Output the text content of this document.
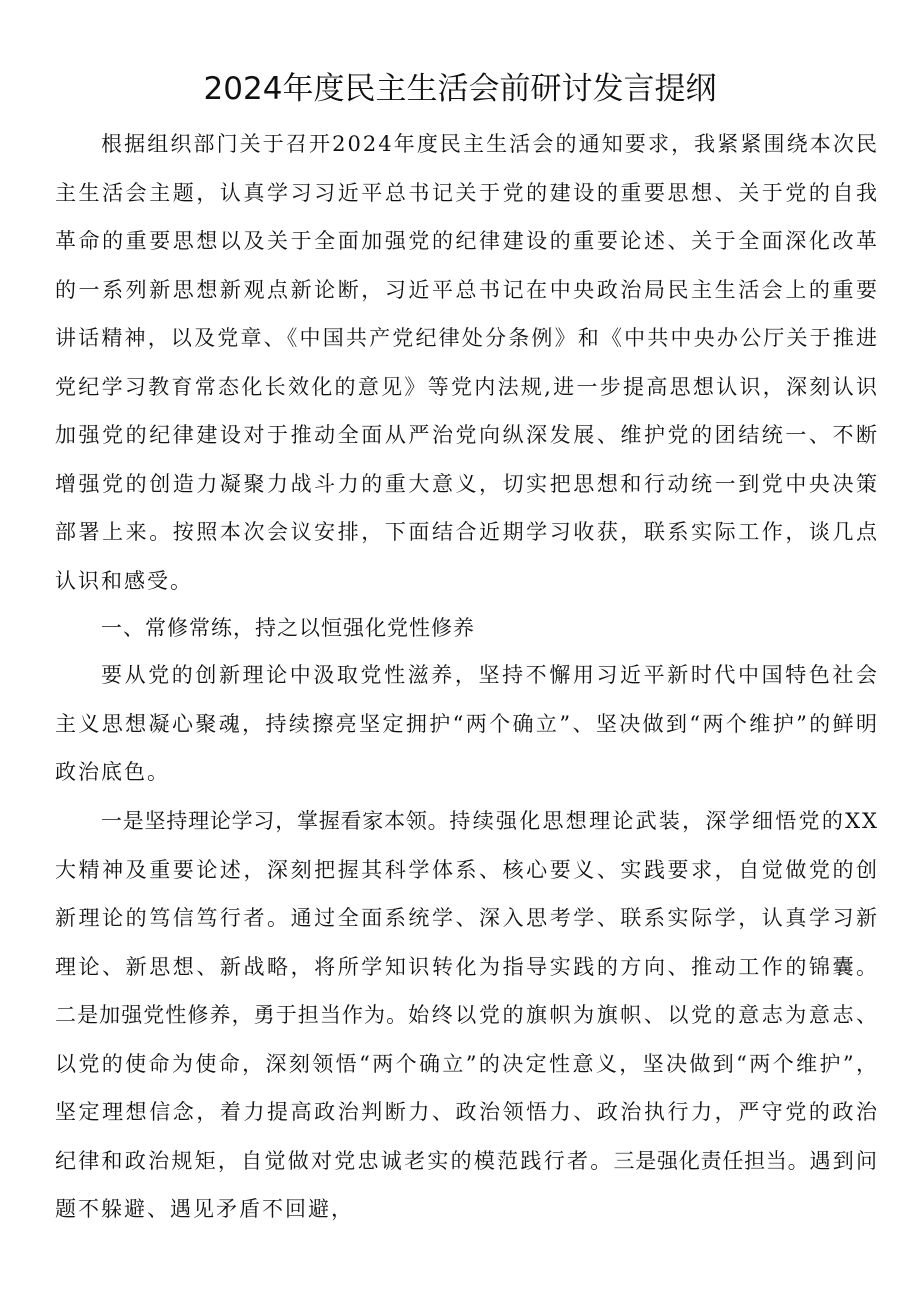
2024年度民主生活会前研讨发言提纲

根据组织部门关于召开2024年度民主生活会的通知要求，我紧紧围绕本次民主生活会主题，认真学习习近平总书记关于党的建设的重要思想、关于党的自我革命的重要思想以及关于全面加强党的纪律建设的重要论述、关于全面深化改革的一系列新思想新观点新论断，习近平总书记在中央政治局民主生活会上的重要讲话精神，以及党章、《中国共产党纪律处分条例》和《中共中央办公厅关于推进党纪学习教育常态化长效化的意见》等党内法规,进一步提高思想认识，深刻认识加强党的纪律建设对于推动全面从严治党向纵深发展、维护党的团结统一、不断增强党的创造力凝聚力战斗力的重大意义，切实把思想和行动统一到党中央决策部署上来。按照本次会议安排，下面结合近期学习收获，联系实际工作，谈几点认识和感受。

一、常修常练，持之以恒强化党性修养

要从党的创新理论中汲取党性滋养，坚持不懈用习近平新时代中国特色社会主义思想凝心聚魂，持续擦亮坚定拥护“两个确立”、坚决做到“两个维护”的鲜明政治底色。

一是坚持理论学习，掌握看家本领。持续强化思想理论武装，深学细悟党的XX大精神及重要论述，深刻把握其科学体系、核心要义、实践要求，自觉做党的创新理论的笃信笃行者。通过全面系统学、深入思考学、联系实际学，认真学习新理论、新思想、新战略，将所学知识转化为指导实践的方向、推动工作的锦囊。二是加强党性修养，勇于担当作为。始终以党的旗帜为旗帜、以党的意志为意志、以党的使命为使命，深刻领悟“两个确立”的决定性意义，坚决做到“两个维护”，坚定理想信念，着力提高政治判断力、政治领悟力、政治执行力，严守党的政治纪律和政治规矩，自觉做对党忠诚老实的模范践行者。三是强化责任担当。遇到问题不躲避、遇见矛盾不回避，
